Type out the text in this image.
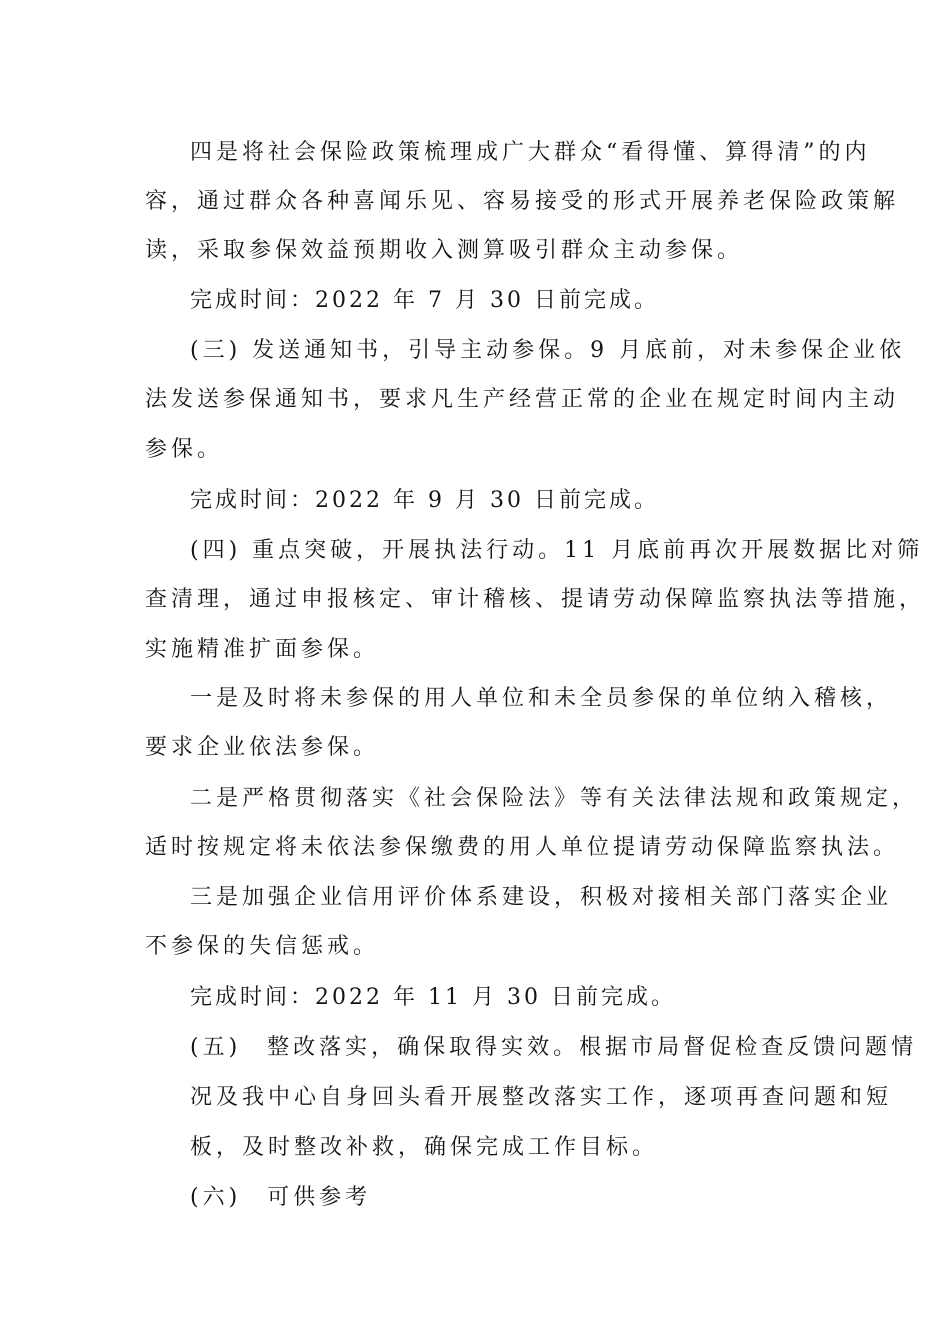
四是将社会保险政策梳理成广大群众“看得懂、算得清”的内
容，通过群众各种喜闻乐见、容易接受的形式开展养老保险政策解
读，采取参保效益预期收入测算吸引群众主动参保。
完成时间：2022 年 7 月 30 日前完成。
(三) 发送通知书，引导主动参保。9 月底前，对未参保企业依
法发送参保通知书，要求凡生产经营正常的企业在规定时间内主动
参保。
完成时间：2022 年 9 月 30 日前完成。
(四) 重点突破，开展执法行动。11 月底前再次开展数据比对筛
查清理，通过申报核定、审计稽核、提请劳动保障监察执法等措施，
实施精准扩面参保。
一是及时将未参保的用人单位和未全员参保的单位纳入稽核，
要求企业依法参保。
二是严格贯彻落实《社会保险法》等有关法律法规和政策规定，
适时按规定将未依法参保缴费的用人单位提请劳动保障监察执法。
三是加强企业信用评价体系建设，积极对接相关部门落实企业
不参保的失信惩戒。
完成时间：2022 年 11 月 30 日前完成。
(五)　整改落实，确保取得实效。根据市局督促检查反馈问题情
况及我中心自身回头看开展整改落实工作，逐项再查问题和短
板，及时整改补救，确保完成工作目标。
(六)　可供参考
